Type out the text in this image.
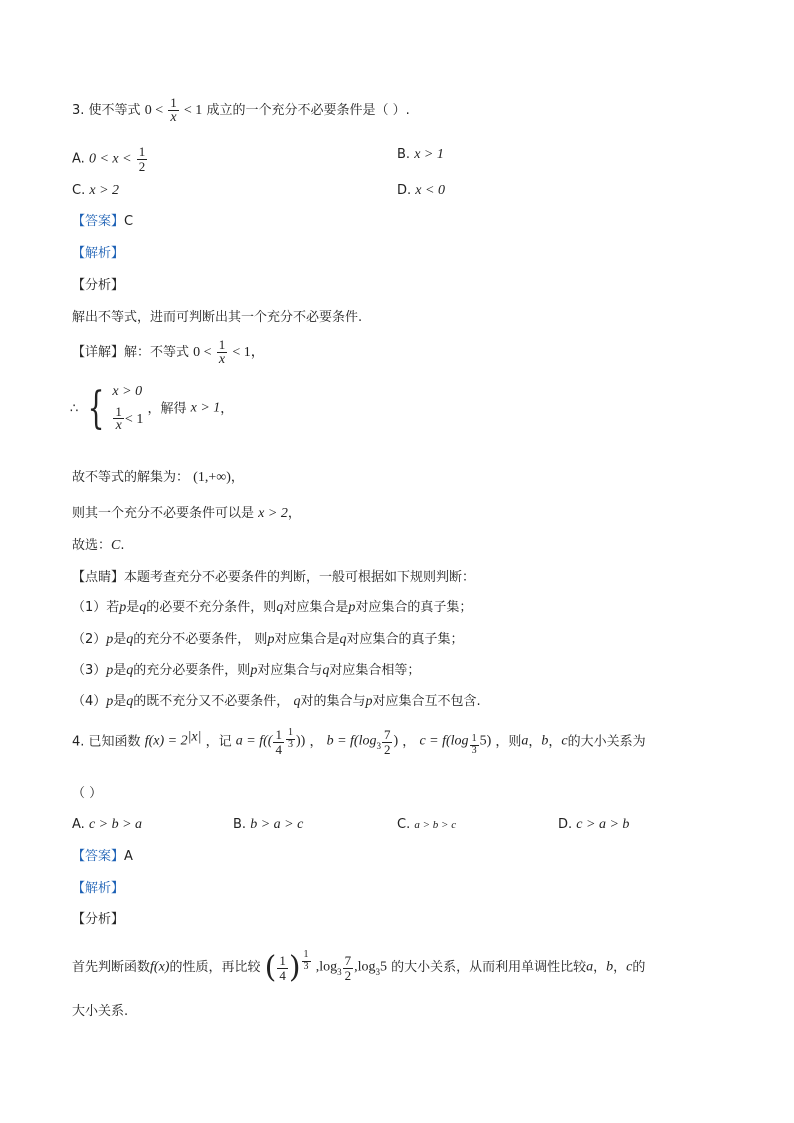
3. 使不等式 $0 < \frac{1}{x} < 1$ 成立的一个充分不必要条件是（ ）.
A. $0 < x < \frac{1}{2}$	B. x > 1
C. x > 2	D. x < 0
【答案】C
【解析】
【分析】
解出不等式，进而可判断出其一个充分不必要条件.
【详解】解：不等式 $0 < \frac{1}{x} < 1$，
∴ { x > 0
$\frac{1}{x} < 1$
，解得 x > 1，
故不等式的解集为： (1,+∞)，
则其一个充分不必要条件可以是 x > 2，
故选：C.
【点睛】本题考查充分不必要条件的判断，一般可根据如下规则判断：
（1）若p是q的必要不充分条件，则q对应集合是p对应集合的真子集；
（2）p是q的充分不必要条件， 则p对应集合是q对应集合的真子集；
（3）p是q的充分必要条件，则p对应集合与q对应集合相等；
（4）p是q的既不充分又不必要条件， q对的集合与p对应集合互不包含.
4. 已知函数 $f(x) = 2^{|x|}$ ，记 $a = f(( \frac{1}{4} \frac{1}{3}$ )) ， $b = f(\log_3 \frac{7}{2}$ ) ， $c = f(\log \frac{1}{3} 5)$ ，则a，b，c的大小关系为
（ ）
A. c > b > a	B. b > a > c	C. a > b > c	D. c > a > b
【答案】A
【解析】
【分析】
首先判断函数f(x)的性质，再比较 ( $\frac{1}{4}$ ) $\frac{1}{3} ,\log_3 \frac{7}{2} ,\log_35$ 的大小关系，从而利用单调性比较a，b，c的
大小关系.
